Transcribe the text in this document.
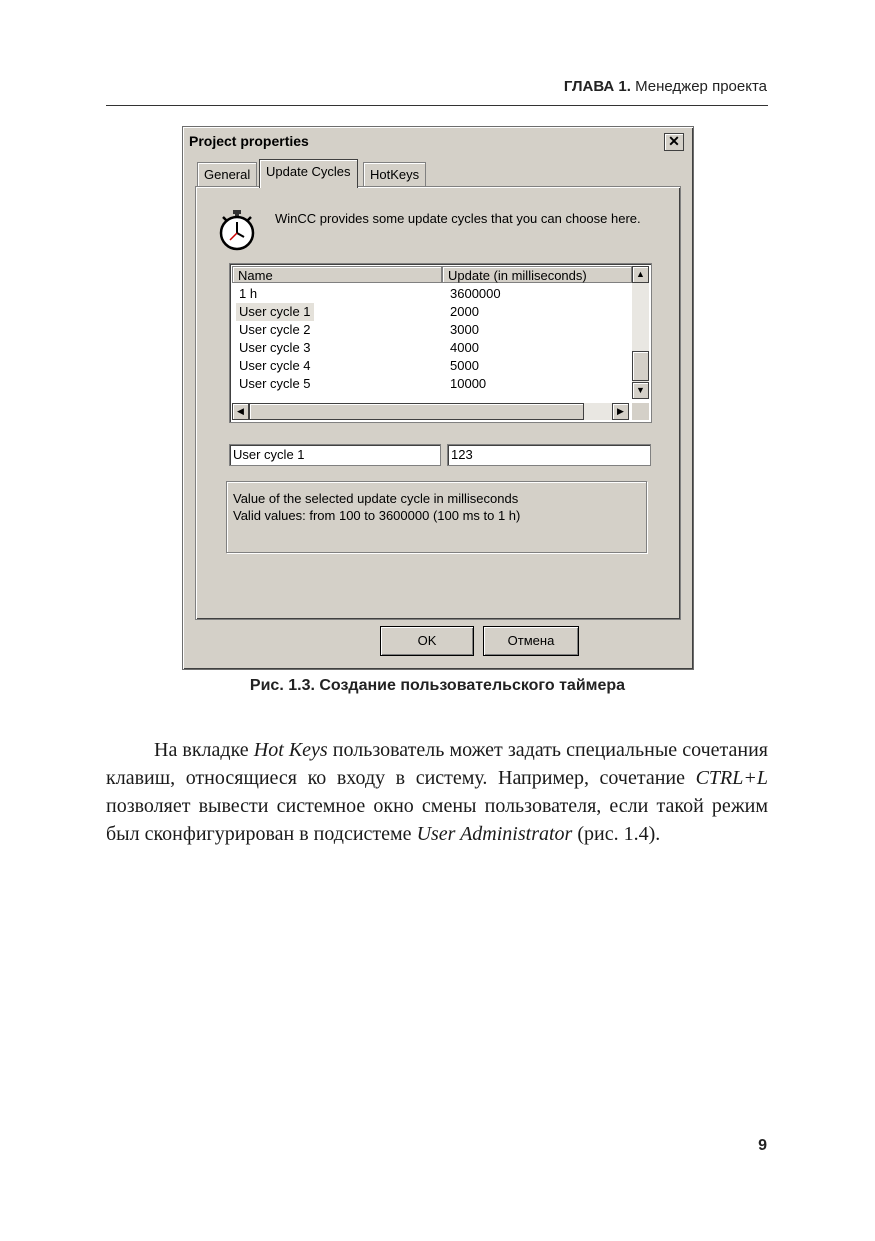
ГЛАВА 1. Менеджер проекта
Project properties	✕
General	Update Cycles	HotKeys
WinCC provides some update cycles that you can choose here.
Name	Update (in milliseconds)
1 h	3600000
User cycle 1	2000
User cycle 2	3000
User cycle 3	4000
User cycle 4	5000
User cycle 5	10000
▲
▼
◀	▶
User cycle 1	123
Value of the selected update cycle in milliseconds
Valid values: from 100 to 3600000 (100 ms to 1 h)
OK	Отмена
Рис. 1.3. Создание пользовательского таймера

На вкладке Hot Keys пользователь может задать специальные сочетания клавиш, относящиеся ко входу в систему. Например, сочетание CTRL+L позволяет вывести системное окно смены пользователя, если такой режим был сконфигурирован в подсистеме User Administrator (рис. 1.4).

9
